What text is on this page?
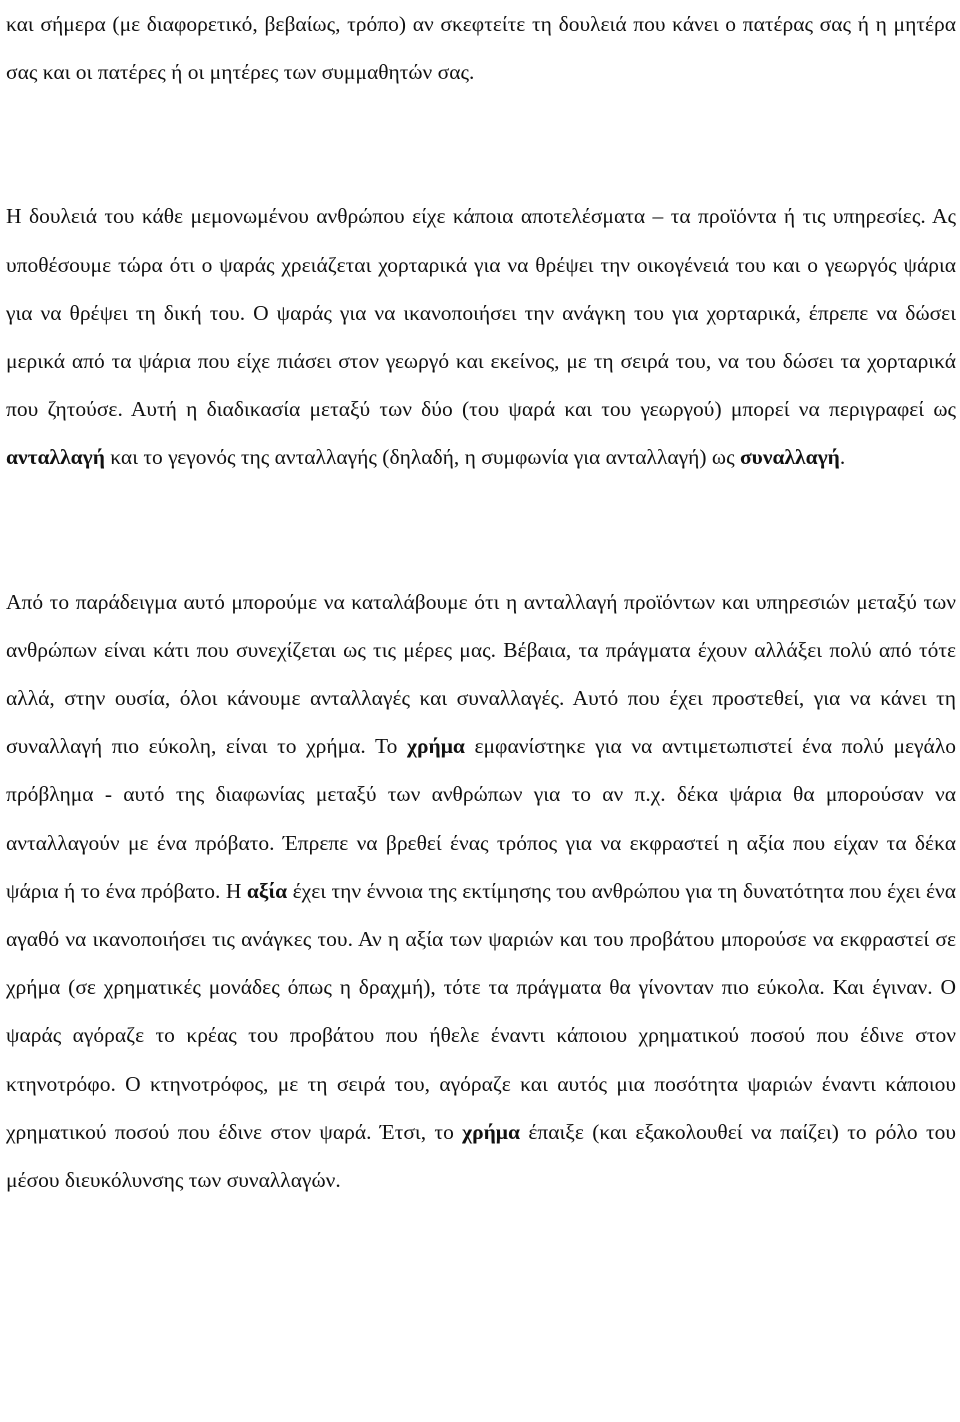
και σήμερα (με διαφορετικό, βεβαίως, τρόπο) αν σκεφτείτε τη δουλειά που κάνει ο πατέρας σας ή η μητέρα σας και οι πατέρες ή οι μητέρες των συμμαθητών σας.

Η δουλειά του κάθε μεμονωμένου ανθρώπου είχε κάποια αποτελέσματα – τα προϊόντα ή τις υπηρεσίες. Ας υποθέσουμε τώρα ότι ο ψαράς χρειάζεται χορταρικά για να θρέψει την οικογένειά του και ο γεωργός ψάρια για να θρέψει τη δική του. Ο ψαράς για να ικανοποιήσει την ανάγκη του για χορταρικά, έπρεπε να δώσει μερικά από τα ψάρια που είχε πιάσει στον γεωργό και εκείνος, με τη σειρά του, να του δώσει τα χορταρικά που ζητούσε. Αυτή η διαδικασία μεταξύ των δύο (του ψαρά και του γεωργού) μπορεί να περιγραφεί ως ανταλλαγή και το γεγονός της ανταλλαγής (δηλαδή, η συμφωνία για ανταλλαγή) ως συναλλαγή.

Από το παράδειγμα αυτό μπορούμε να καταλάβουμε ότι η ανταλλαγή προϊόντων και υπηρεσιών μεταξύ των ανθρώπων είναι κάτι που συνεχίζεται ως τις μέρες μας. Βέβαια, τα πράγματα έχουν αλλάξει πολύ από τότε αλλά, στην ουσία, όλοι κάνουμε ανταλλαγές και συναλλαγές. Αυτό που έχει προστεθεί, για να κάνει τη συναλλαγή πιο εύκολη, είναι το χρήμα. Το χρήμα εμφανίστηκε για να αντιμετωπιστεί ένα πολύ μεγάλο πρόβλημα - αυτό της διαφωνίας μεταξύ των ανθρώπων για το αν π.χ. δέκα ψάρια θα μπορούσαν να ανταλλαγούν με ένα πρόβατο. Έπρεπε να βρεθεί ένας τρόπος για να εκφραστεί η αξία που είχαν τα δέκα ψάρια ή το ένα πρόβατο. Η αξία έχει την έννοια της εκτίμησης του ανθρώπου για τη δυνατότητα που έχει ένα αγαθό να ικανοποιήσει τις ανάγκες του. Αν η αξία των ψαριών και του προβάτου μπορούσε να εκφραστεί σε χρήμα (σε χρηματικές μονάδες όπως η δραχμή), τότε τα πράγματα θα γίνονταν πιο εύκολα. Και έγιναν. Ο ψαράς αγόραζε το κρέας του προβάτου που ήθελε έναντι κάποιου χρηματικού ποσού που έδινε στον κτηνοτρόφο. Ο κτηνοτρόφος, με τη σειρά του, αγόραζε και αυτός μια ποσότητα ψαριών έναντι κάποιου χρηματικού ποσού που έδινε στον ψαρά. Έτσι, το χρήμα έπαιξε (και εξακολουθεί να παίζει) το ρόλο του μέσου διευκόλυνσης των συναλλαγών.
